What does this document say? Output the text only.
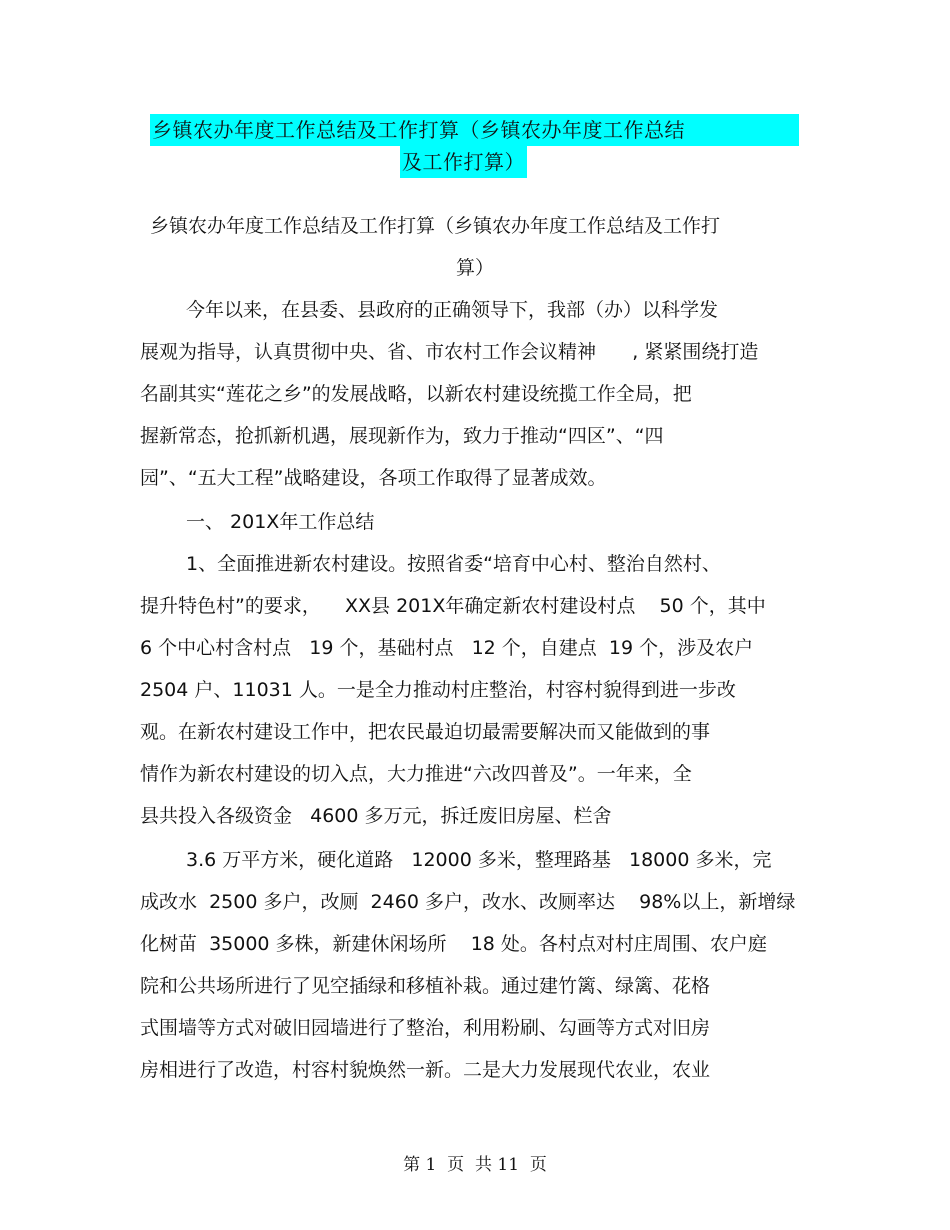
乡镇农办年度工作总结及工作打算（乡镇农办年度工作总结
及工作打算）
乡镇农办年度工作总结及工作打算（乡镇农办年度工作总结及工作打
算）
今年以来，在县委、县政府的正确领导下，我部（办）以科学发
展观为指导，认真贯彻中央、省、市农村工作会议精神      , 紧紧围绕打造
名副其实“莲花之乡”的发展战略，以新农村建设统揽工作全局，把
握新常态，抢抓新机遇，展现新作为，致力于推动“四区”、“四
园”、“五大工程”战略建设，各项工作取得了显著成效。
一、 201X年工作总结
1、全面推进新农村建设。按照省委“培育中心村、整治自然村、
提升特色村”的要求，    XX县 201X年确定新农村建设村点    50 个，其中
6 个中心村含村点   19 个，基础村点   12 个，自建点  19 个，涉及农户
2504 户、11031 人。一是全力推动村庄整治，村容村貌得到进一步改
观。在新农村建设工作中，把农民最迫切最需要解决而又能做到的事
情作为新农村建设的切入点，大力推进“六改四普及”。一年来，全
县共投入各级资金   4600 多万元，拆迁废旧房屋、栏舍
3.6 万平方米，硬化道路   12000 多米，整理路基   18000 多米，完
成改水  2500 多户，改厕  2460 多户，改水、改厕率达    98%以上，新增绿
化树苗  35000 多株，新建休闲场所    18 处。各村点对村庄周围、农户庭
院和公共场所进行了见空插绿和移植补栽。通过建竹篱、绿篱、花格
式围墙等方式对破旧园墙进行了整治，利用粉刷、勾画等方式对旧房
房相进行了改造，村容村貌焕然一新。二是大力发展现代农业，农业
第 1  页  共 11  页
